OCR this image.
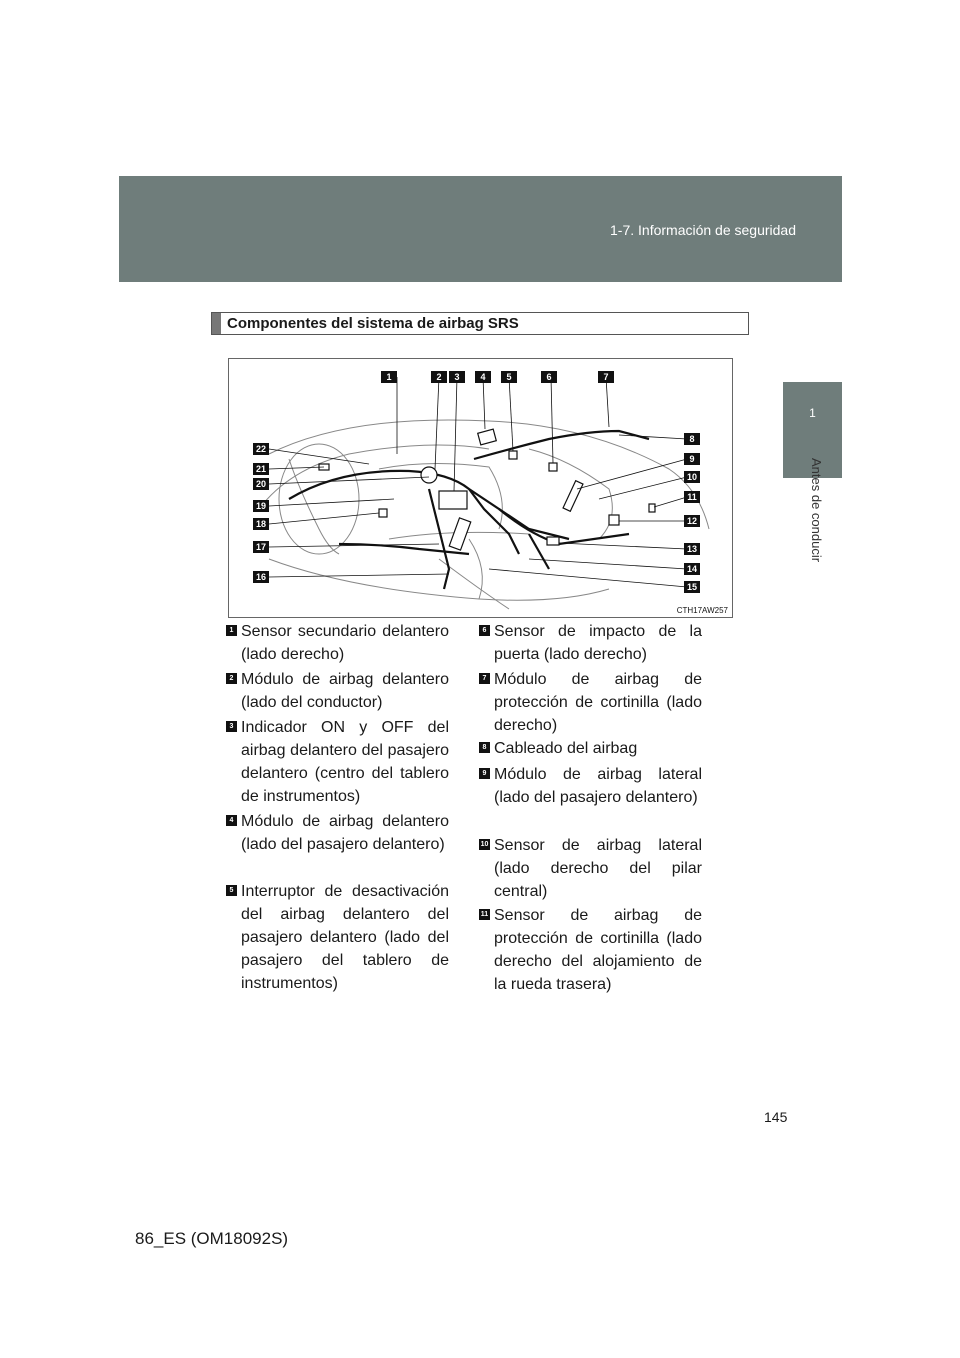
1-7. Información de seguridad
1
Antes de conducir
Componentes del sistema de airbag SRS
1	2	3	4	5	6	7
8
9
10
11
12
13
14
15
22
21
20
19
18
17
16
CTH17AW257
1 Sensor secundario delantero (lado derecho)
2 Módulo de airbag delantero (lado del conductor)
3 Indicador ON y OFF del airbag delantero del pasajero delantero (centro del tablero de instrumentos)
4 Módulo de airbag delantero (lado del pasajero delantero)
5 Interruptor de desactivación del airbag delantero del pasajero delantero (lado del pasajero del tablero de instrumentos)
6 Sensor de impacto de la puerta (lado derecho)
7 Módulo de airbag de protección de cortinilla (lado derecho)
8 Cableado del airbag
9 Módulo de airbag lateral (lado del pasajero delantero)
10 Sensor de airbag lateral (lado derecho del pilar central)
11 Sensor de airbag de protección de cortinilla (lado derecho del alojamiento de la rueda trasera)
145
86_ES (OM18092S)
